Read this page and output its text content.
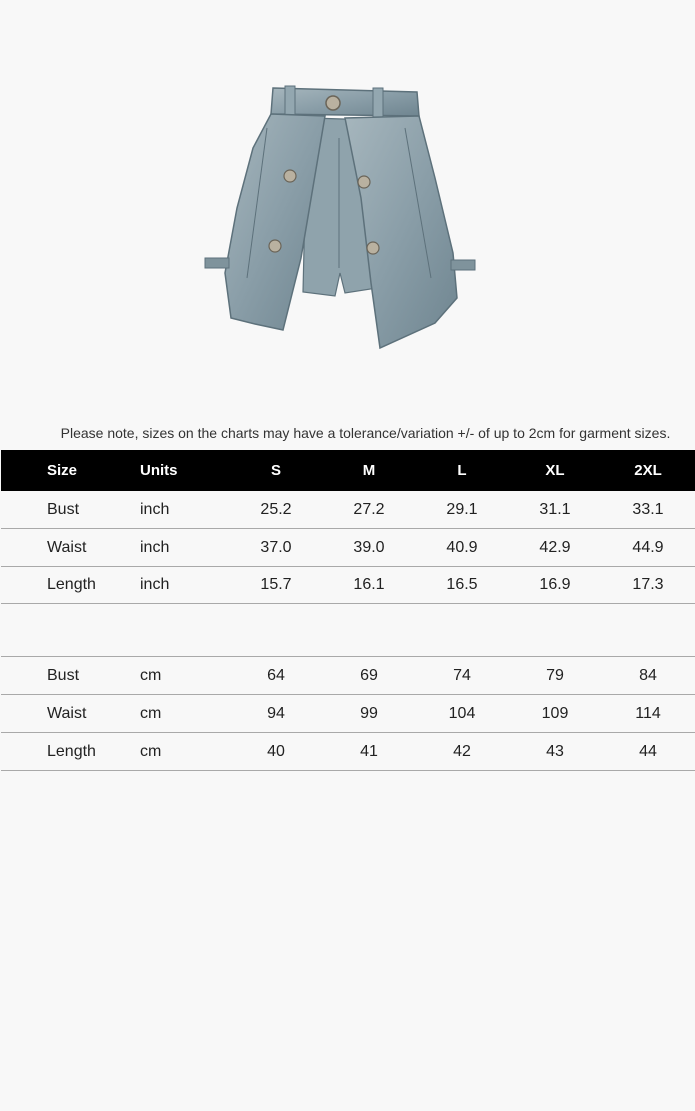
Please note, sizes on the charts may have a tolerance/variation +/- of up to 2cm for garment sizes.
Size	Units	S	M	L	XL	2XL
Bust	inch	25.2	27.2	29.1	31.1	33.1
Waist	inch	37.0	39.0	40.9	42.9	44.9
Length	inch	15.7	16.1	16.5	16.9	17.3
Bust	cm	64	69	74	79	84
Waist	cm	94	99	104	109	114
Length	cm	40	41	42	43	44
